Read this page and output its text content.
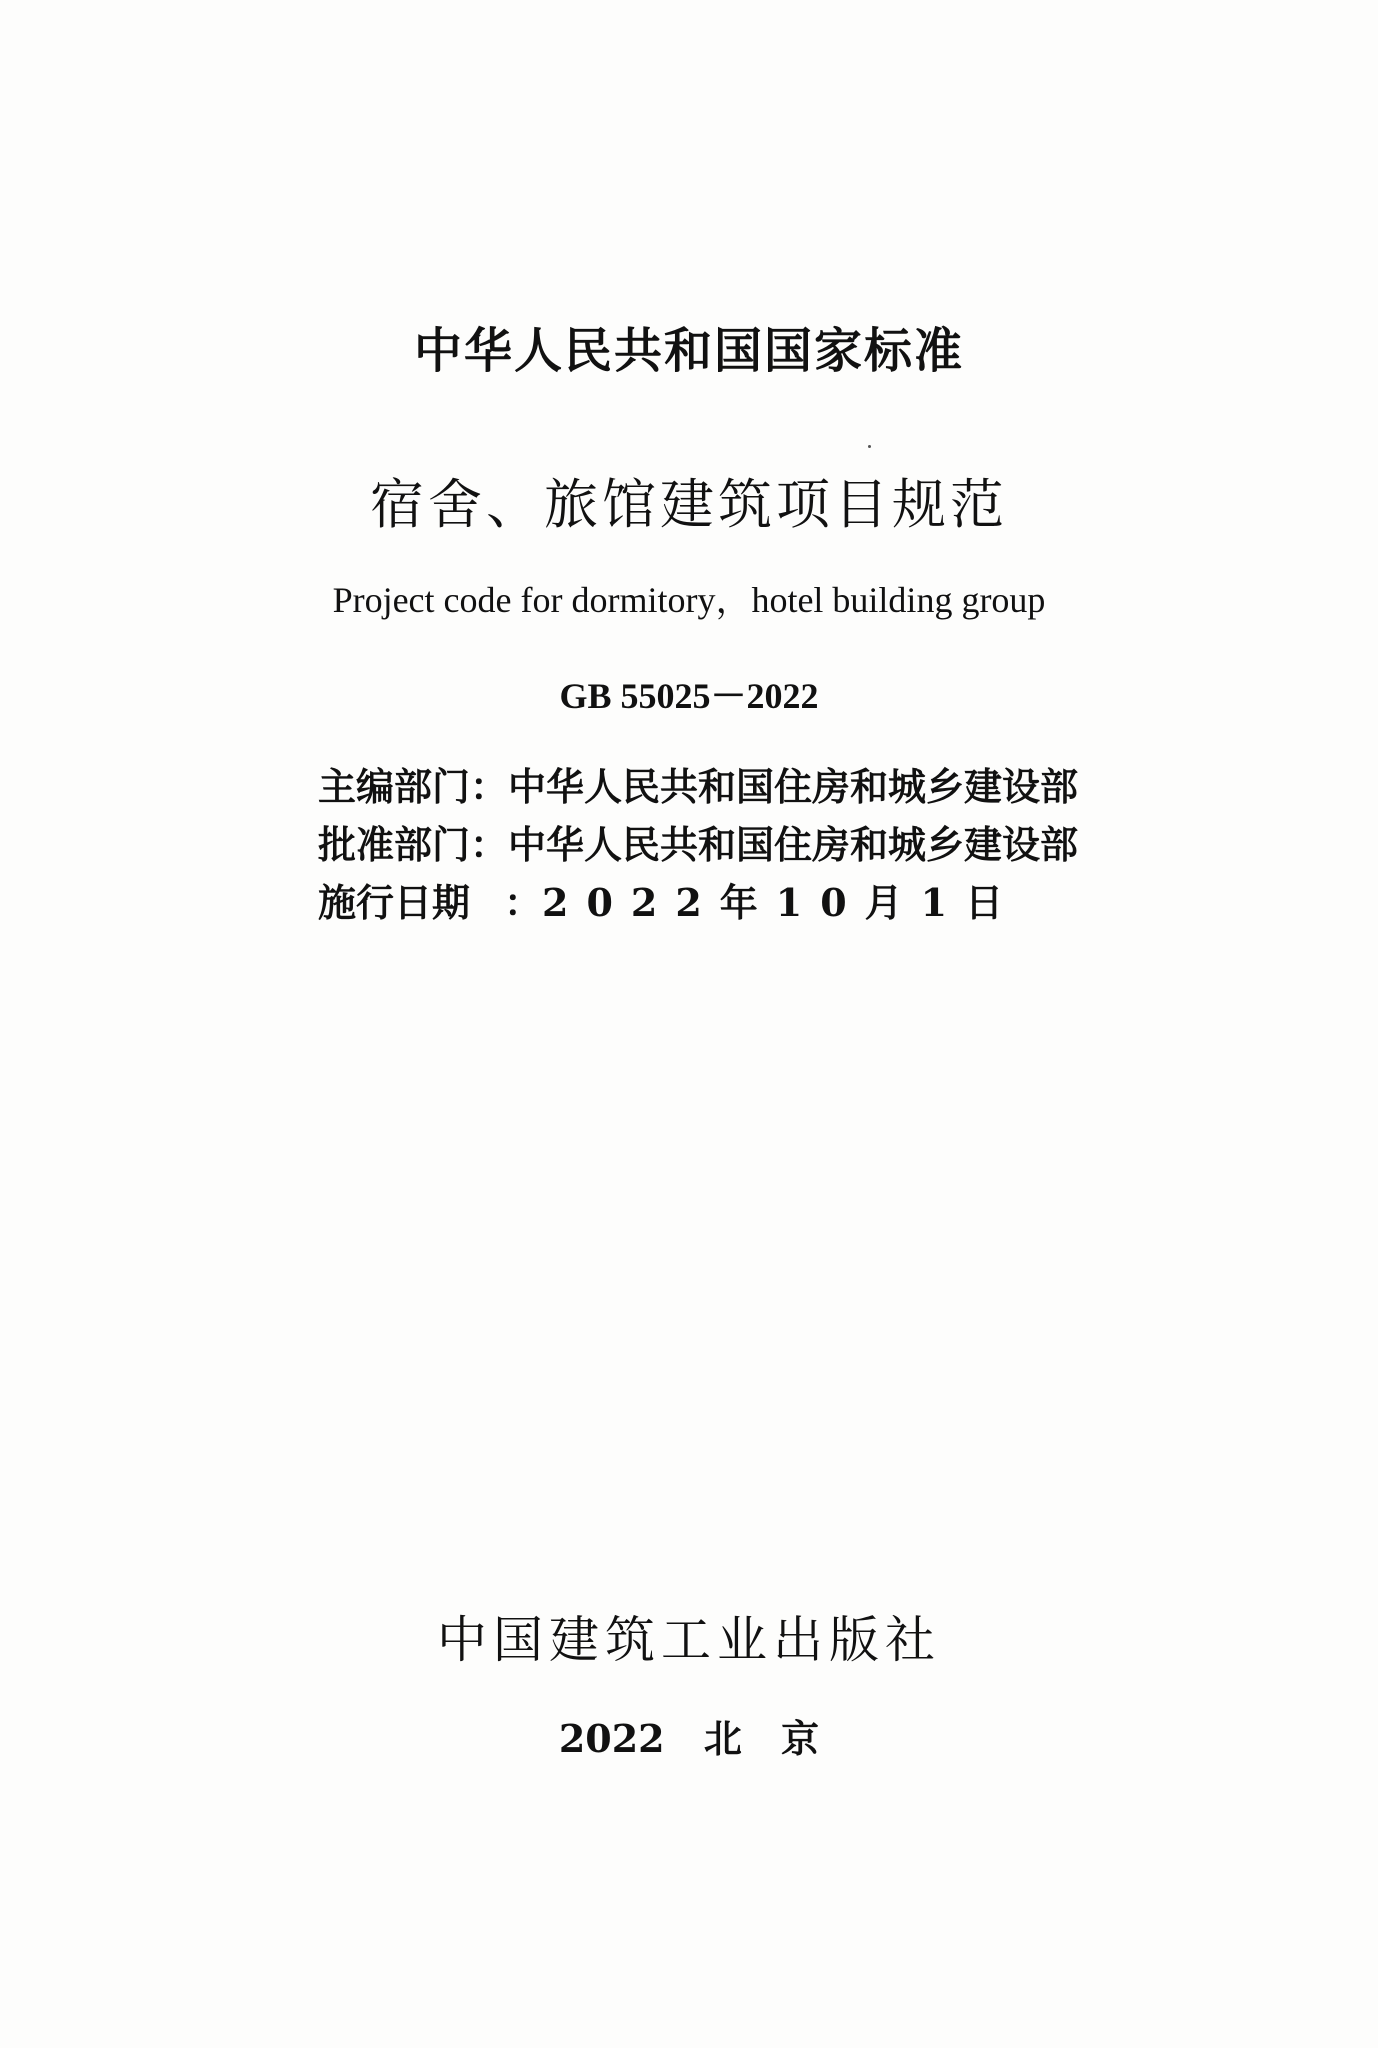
中华人民共和国国家标准
宿舍、旅馆建筑项目规范
Project code for dormitory，hotel building group
GB 55025－2022
主编部门 ： 中华人民共和国住房和城乡建设部
批准部门 ： 中华人民共和国住房和城乡建设部
施行日期 ： 2022年10月1日
中国建筑工业出版社
2022 北 京
